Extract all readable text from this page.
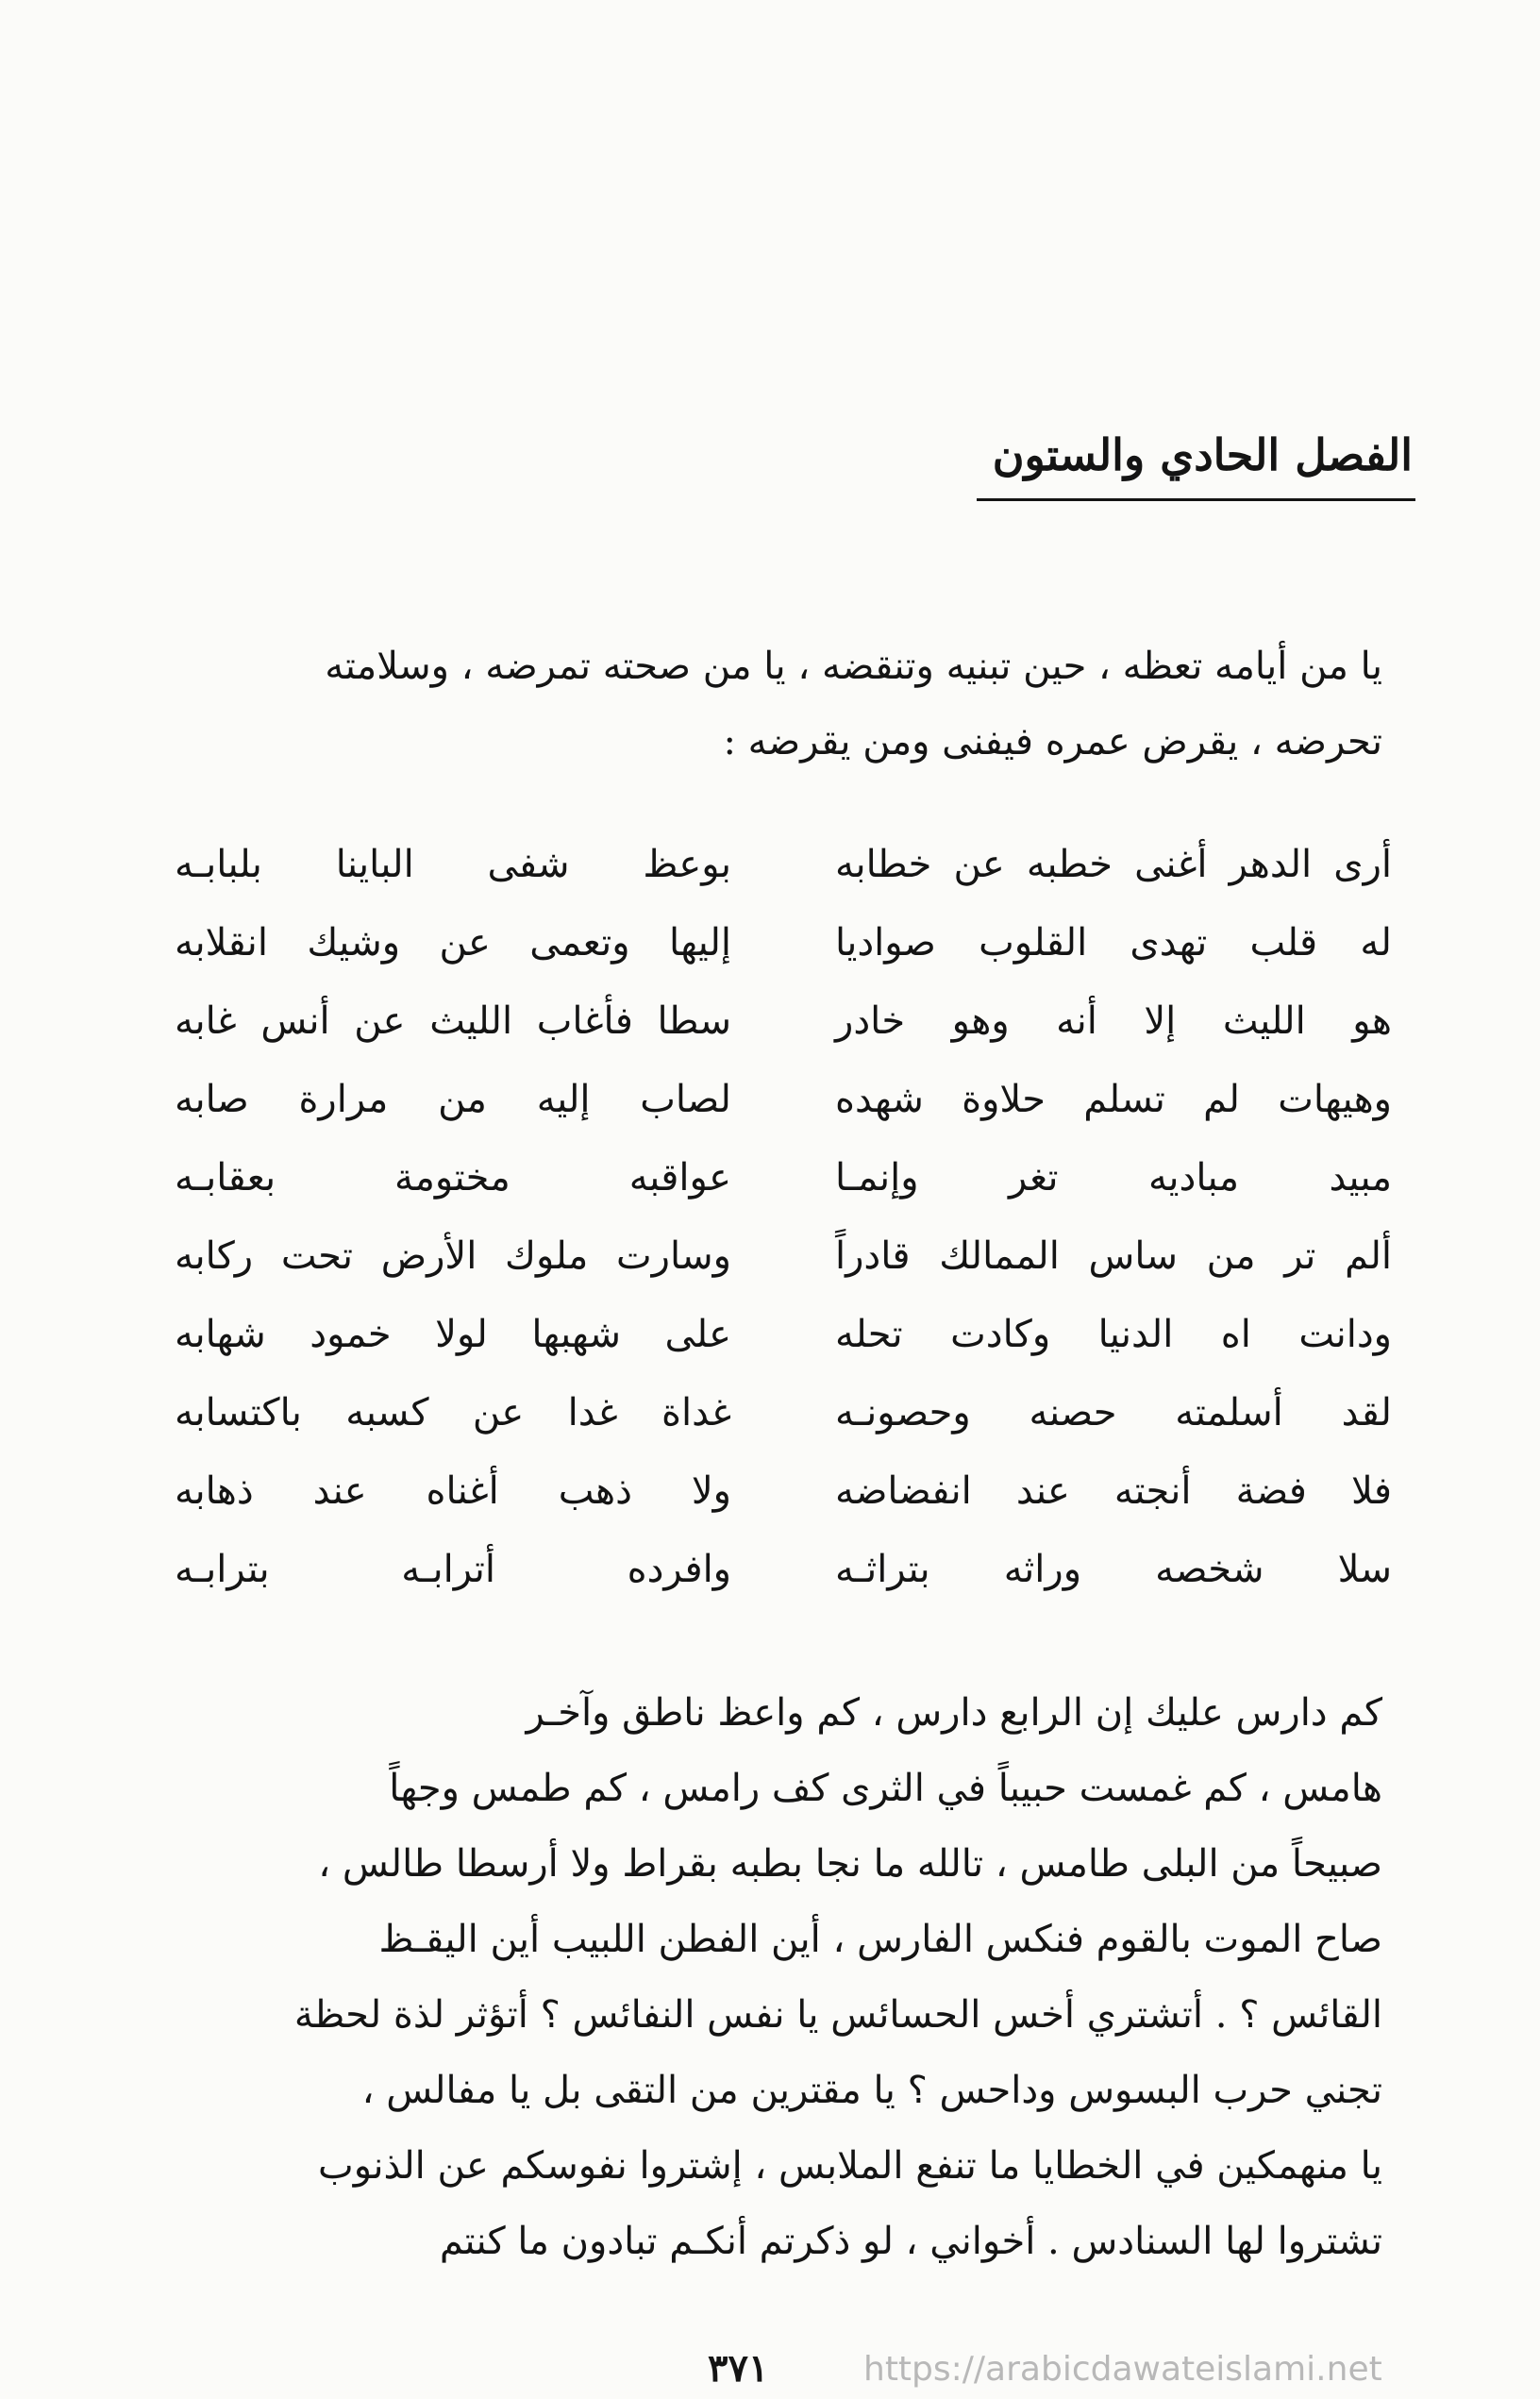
الفصل الحادي والستون
يا من أيامه تعظه ، حين تبنيه وتنقضه ، يا من صحته تمرضه ، وسلامته
تحرضه ، يقرض عمره فيفنى ومن يقرضه :
أرى الدهر أغنى خطبه عن خطابه
بوعظ شفى الباينا بلبابـه
له قلب تهدى القلوب صواديا
إليها وتعمى عن وشيك انقلابه
هو الليث إلا أنه وهو خادر
سطا فأغاب الليث عن أنس غابه
وهيهات لم تسلم حلاوة شهده
لصاب إليه من مرارة صابه
مبيد مباديه تغر وإنمـا
عواقبه مختومة بعقابـه
ألم تر من ساس الممالك قادراً
وسارت ملوك الأرض تحت ركابه
ودانت اه الدنيا وكادت تحله
على شهبها لولا خمود شهابه
لقد أسلمته حصنه وحصونـه
غداة غدا عن كسبه باكتسابه
فلا فضة أنجته عند انفضاضه
ولا ذهب أغناه عند ذهابه
سلا شخصه وراثه بتراثـه
وافرده أترابـه بترابـه
كم دارس عليك إن الرابع دارس ، كم واعظ ناطق وآخـر
هامس ، كم غمست حبيباً في الثرى كف رامس ، كم طمس وجهاً
صبيحاً من البلى طامس ، تالله ما نجا بطبه بقراط ولا أرسطا طالس ،
صاح الموت بالقوم فنكس الفارس ، أين الفطن اللبيب أين اليقـظ
القائس ؟ . أتشتري أخس الحسائس يا نفس النفائس ؟ أتؤثر لذة لحظة
تجني حرب البسوس وداحس ؟ يا مقترين من التقى بل يا مفالس ،
يا منهمكين في الخطايا ما تنفع الملابس ، إشتروا نفوسكم عن الذنوب
تشتروا لها السنادس . أخواني ، لو ذكرتم أنكـم تبادون ما كنتم
٣٧١	https://arabicdawateislami.net
